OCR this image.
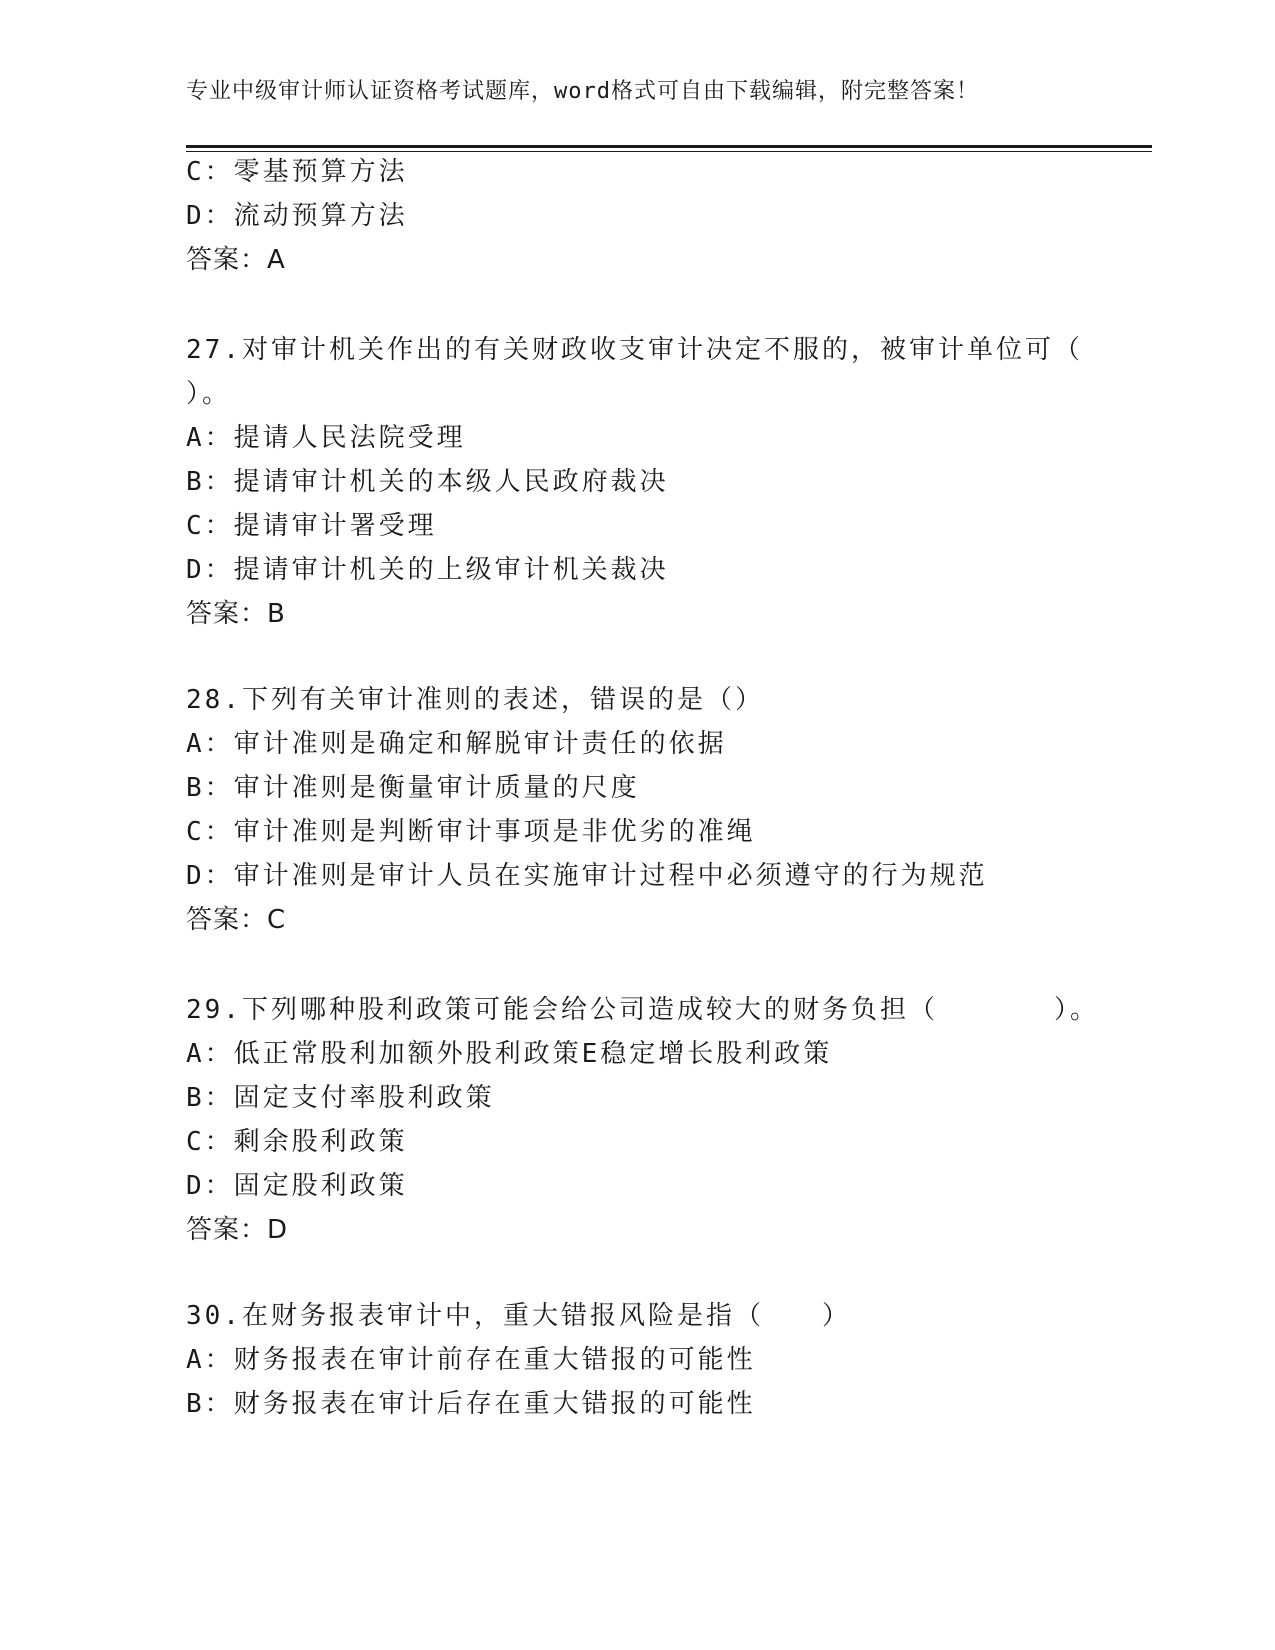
专业中级审计师认证资格考试题库，word格式可自由下载编辑，附完整答案！
C：零基预算方法
D：流动预算方法
答案：A
27.对审计机关作出的有关财政收支审计决定不服的，被审计单位可（
）。
A：提请人民法院受理
B：提请审计机关的本级人民政府裁决
C：提请审计署受理
D：提请审计机关的上级审计机关裁决
答案：B
28.下列有关审计准则的表述，错误的是（）
A：审计准则是确定和解脱审计责任的依据
B：审计准则是衡量审计质量的尺度
C：审计准则是判断审计事项是非优劣的准绳
D：审计准则是审计人员在实施审计过程中必须遵守的行为规范
答案：C
29.下列哪种股利政策可能会给公司造成较大的财务负担（　　　　）。
A：低正常股利加额外股利政策E稳定增长股利政策
B：固定支付率股利政策
C：剩余股利政策
D：固定股利政策
答案：D
30.在财务报表审计中，重大错报风险是指（　　）
A：财务报表在审计前存在重大错报的可能性
B：财务报表在审计后存在重大错报的可能性
